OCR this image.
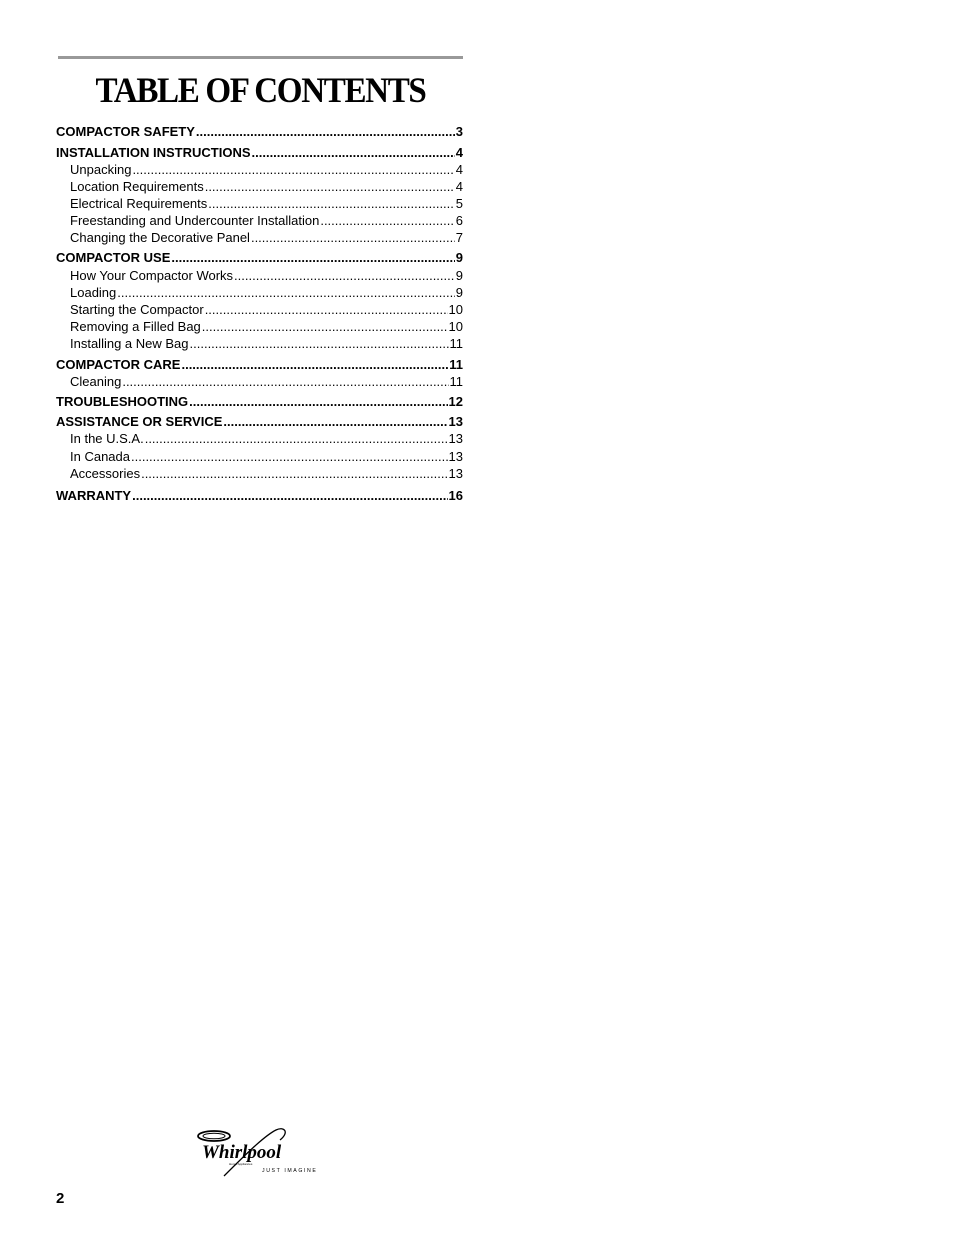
TABLE OF CONTENTS
COMPACTOR SAFETY .....	3
INSTALLATION INSTRUCTIONS .....	4
Unpacking .....	4
Location Requirements .....	4
Electrical Requirements .....	5
Freestanding and Undercounter Installation .....	6
Changing the Decorative Panel .....	7
COMPACTOR USE .....	9
How Your Compactor Works .....	9
Loading .....	9
Starting the Compactor .....	10
Removing a Filled Bag .....	10
Installing a New Bag .....	11
COMPACTOR CARE .....	11
Cleaning .....	11
TROUBLESHOOTING .....	12
ASSISTANCE OR SERVICE .....	13
In the U.S.A. .....	13
In Canada .....	13
Accessories .....	13
WARRANTY .....	16
Whirlpool
Home Appliances
JUST IMAGINE
2
